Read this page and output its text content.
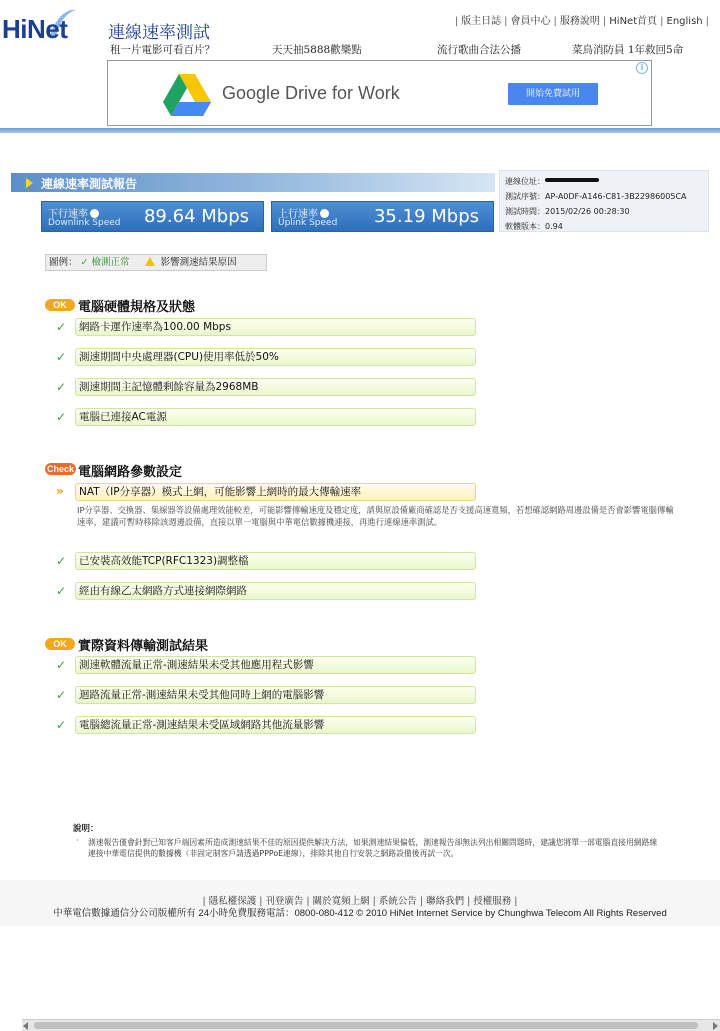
HiNet 連線速率測試
| 版主日誌 | 會員中心 | 服務說明 | HiNet首頁 | English |
租一片電影可看百片？	天天抽5888歡樂點	流行歌曲合法公播	菜鳥消防員 1年救回5命
Google Drive for Work	開始免費試用
i
連線速率測試報告
下行速率
Downlink Speed 89.64 Mbps	上行速率
Uplink Speed 35.19 Mbps
連線位址：
測試序號：AP-A0DF-A146-C81-3B22986005CA
測試時間：2015/02/26 00:28:30
軟體版本：0.94
圖例： ✓ 檢測正常	影響測速結果原因
OK 電腦硬體規格及狀態
✓	網路卡運作速率為100.00 Mbps
✓	測速期間中央處理器(CPU)使用率低於50%
✓	測速期間主記憶體剩餘容量為2968MB
✓	電腦已連接AC電源
Check 電腦網路參數設定
»	NAT（IP分享器）模式上網，可能影響上網時的最大傳輸速率
IP分享器、交換器、集線器等設備處理效能較差，可能影響傳輸速度及穩定度，請與原設備廠商確認是否支援高速寬頻，若想確認網路周邊設備是否會影響電腦傳輸速率，建議可暫時移除該週邊設備，直接以單一電腦與中華電信數據機連接，再進行連線速率測試。
✓	已安裝高效能TCP(RFC1323)調整檔
✓	經由有線乙太網路方式連接網際網路
OK 實際資料傳輸測試結果
✓	測速軟體流量正常-測速結果未受其他應用程式影響
✓	迴路流量正常-測速結果未受其他同時上網的電腦影響
✓	電腦總流量正常-測速結果未受區域網路其他流量影響
說明：
‧ 測速報告僅會針對已知客戶端因素所造成測速結果不佳的原因提供解決方法，如果測速結果偏低，測速報告卻無法列出相關問題時，建議您將單一部電腦直接用網路線連接中華電信提供的數據機（非固定制客戶請透過PPPoE連線），排除其他自行安裝之網路設備後再試一次。
| 隱私權保護 | 刊登廣告 | 關於寬頻上網 | 系統公告 | 聯絡我們 | 授權服務 |
中華電信數據通信分公司版權所有 24小時免費服務電話：0800-080-412 © 2010 HiNet Internet Service by Chunghwa Telecom All Rights Reserved
